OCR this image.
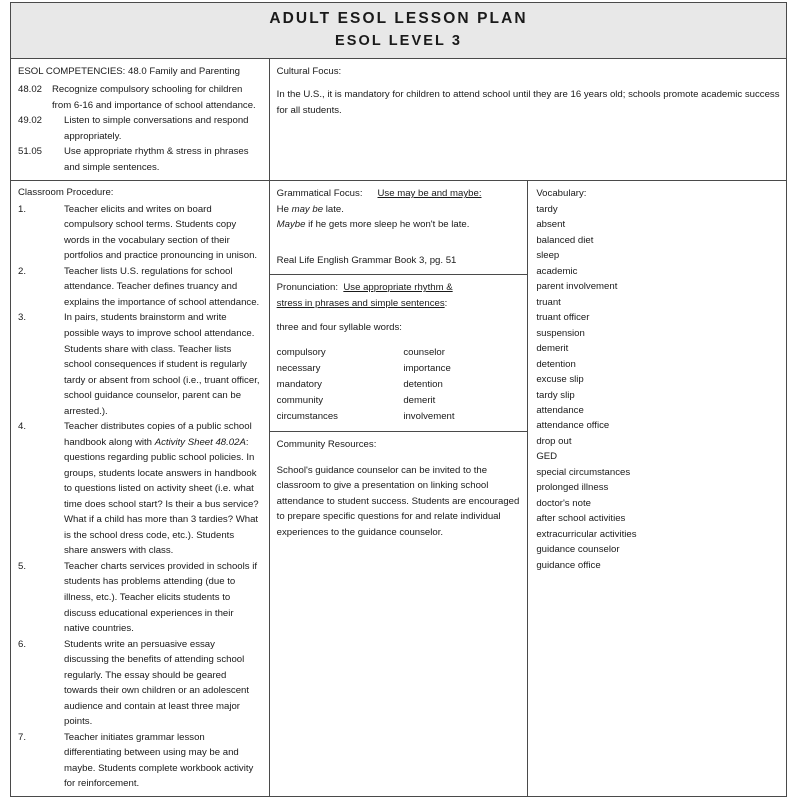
ADULT ESOL LESSON PLAN
ESOL LEVEL 3

ESOL COMPETENCIES: 48.0 Family and Parenting
48.02	Recognize compulsory schooling for children from 6-16 and importance of school attendance.
49.02	Listen to simple conversations and respond appropriately.
51.05	Use appropriate rhythm & stress in phrases and simple sentences.

Cultural Focus:
In the U.S., it is mandatory for children to attend school until they are 16 years old; schools promote academic success for all students.

Classroom Procedure:
1.	Teacher elicits and writes on board compulsory school terms. Students copy words in the vocabulary section of their portfolios and practice pronouncing in unison.
2.	Teacher lists U.S. regulations for school attendance. Teacher defines truancy and explains the importance of school attendance.
3.	In pairs, students brainstorm and write possible ways to improve school attendance. Students share with class. Teacher lists school consequences if student is regularly tardy or absent from school (i.e., truant officer, school guidance counselor, parent can be arrested.).
4.	Teacher distributes copies of a public school handbook along with Activity Sheet 48.02A: questions regarding public school policies. In groups, students locate answers in handbook to questions listed on activity sheet (i.e. what time does school start? Is their a bus service? What if a child has more than 3 tardies? What is the school dress code, etc.). Students share answers with class.
5.	Teacher charts services provided in schools if students has problems attending (due to illness, etc.). Teacher elicits students to discuss educational experiences in their native countries.
6.	Students write an persuasive essay discussing the benefits of attending school regularly. The essay should be geared towards their own children or an adolescent audience and contain at least three major points.
7.	Teacher initiates grammar lesson differentiating between using may be and maybe. Students complete workbook activity for reinforcement.

Grammatical Focus: Use may be and maybe:
He may be late.
Maybe if he gets more sleep he won't be late.
Real Life English Grammar Book 3, pg. 51
Pronunciation: Use appropriate rhythm &
stress in phrases and simple sentences:
three and four syllable words:
compulsory	counselor
necessary	importance
mandatory	detention
community	demerit
circumstances	involvement
Community Resources:
School's guidance counselor can be invited to the classroom to give a presentation on linking school attendance to student success. Students are encouraged to prepare specific questions for and relate individual experiences to the guidance counselor.

Vocabulary:
tardy
absent
balanced diet
sleep
academic
parent involvement
truant
truant officer
suspension
demerit
detention
excuse slip
tardy slip
attendance
attendance office
drop out
GED
special circumstances
prolonged illness
doctor's note
after school activities
extracurricular activities
guidance counselor
guidance office
